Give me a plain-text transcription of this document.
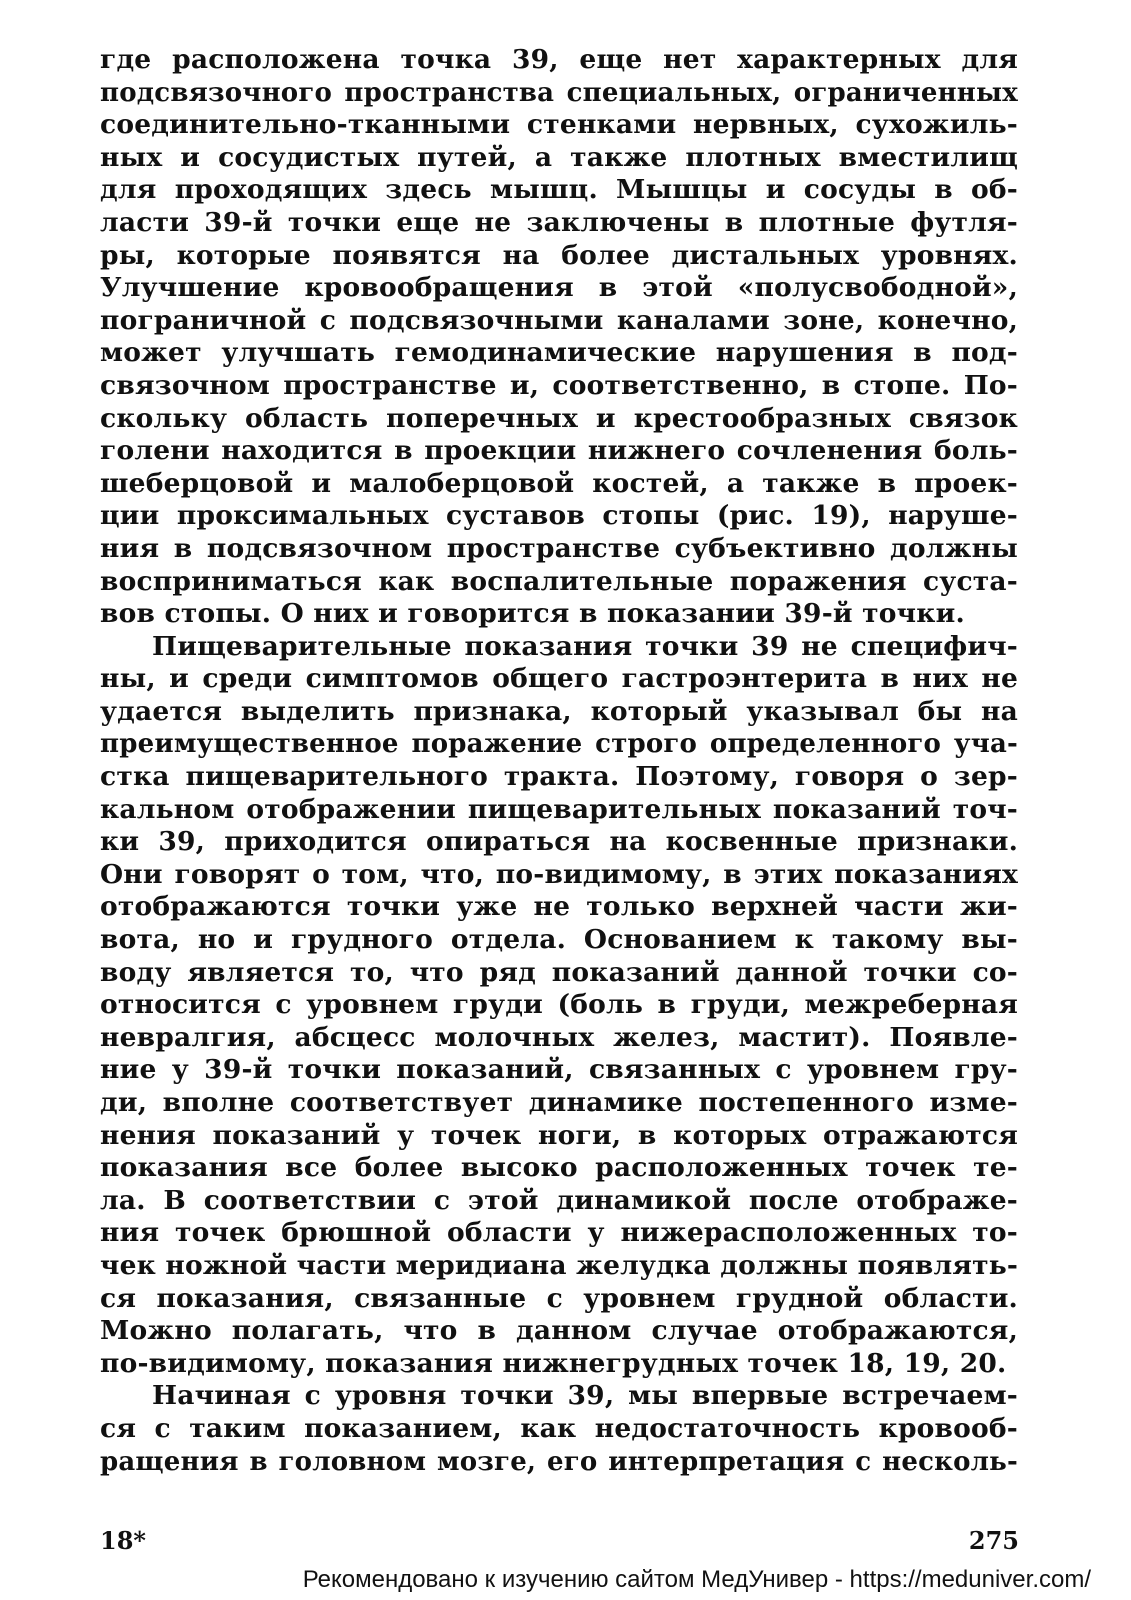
где расположена точка 39, еще нет характерных для
подсвязочного пространства специальных, ограниченных
соединительно-тканными стенками нервных, сухожиль-
ных и сосудистых путей, а также плотных вместилищ
для проходящих здесь мышц. Мышцы и сосуды в об-
ласти 39-й точки еще не заключены в плотные футля-
ры, которые появятся на более дистальных уровнях.
Улучшение кровообращения в этой «полусвободной»,
пограничной с подсвязочными каналами зоне, конечно,
может улучшать гемодинамические нарушения в под-
связочном пространстве и, соответственно, в стопе. По-
скольку область поперечных и крестообразных связок
голени находится в проекции нижнего сочленения боль-
шеберцовой и малоберцовой костей, а также в проек-
ции проксимальных суставов стопы (рис. 19), наруше-
ния в подсвязочном пространстве субъективно должны
восприниматься как воспалительные поражения суста-
вов стопы. О них и говорится в показании 39-й точки.
Пищеварительные показания точки 39 не специфич-
ны, и среди симптомов общего гастроэнтерита в них не
удается выделить признака, который указывал бы на
преимущественное поражение строго определенного уча-
стка пищеварительного тракта. Поэтому, говоря о зер-
кальном отображении пищеварительных показаний точ-
ки 39, приходится опираться на косвенные признаки.
Они говорят о том, что, по-видимому, в этих показаниях
отображаются точки уже не только верхней части жи-
вота, но и грудного отдела. Основанием к такому вы-
воду является то, что ряд показаний данной точки со-
относится с уровнем груди (боль в груди, межреберная
невралгия, абсцесс молочных желез, мастит). Появле-
ние у 39-й точки показаний, связанных с уровнем гру-
ди, вполне соответствует динамике постепенного изме-
нения показаний у точек ноги, в которых отражаются
показания все более высоко расположенных точек те-
ла. В соответствии с этой динамикой после отображе-
ния точек брюшной области у нижерасположенных то-
чек ножной части меридиана желудка должны появлять-
ся показания, связанные с уровнем грудной области.
Можно полагать, что в данном случае отображаются,
по-видимому, показания нижнегрудных точек 18, 19, 20.
Начиная с уровня точки 39, мы впервые встречаем-
ся с таким показанием, как недостаточность кровооб-
ращения в головном мозге, его интерпретация с несколь-
18*	275
Рекомендовано к изучению сайтом МедУнивер - https://meduniver.com/
